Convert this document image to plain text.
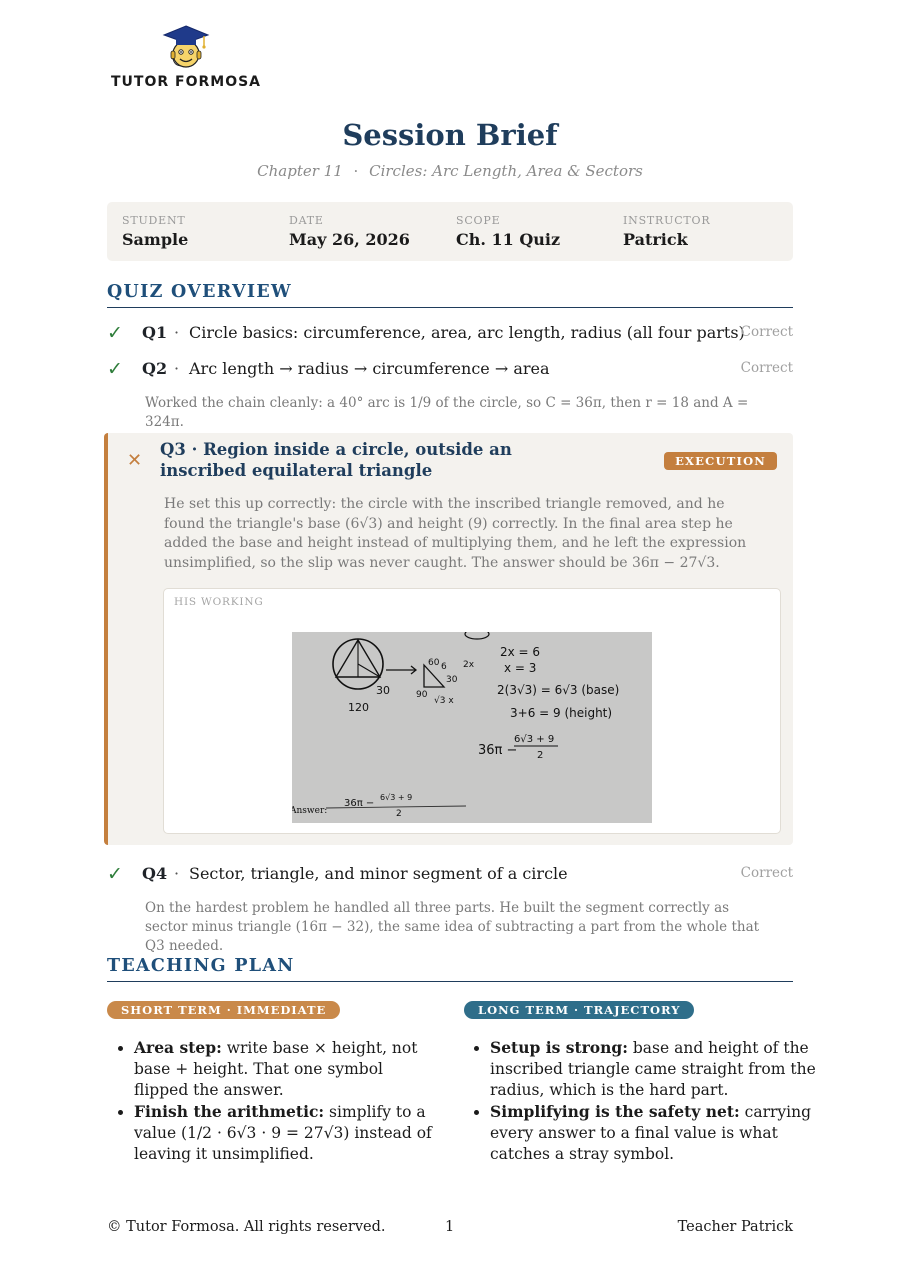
TUTOR FORMOSA
Session Brief
Chapter 11 · Circles: Arc Length, Area & Sectors
STUDENT
Sample
DATE
May 26, 2026
SCOPE
Ch. 11 Quiz
INSTRUCTOR
Patrick
QUIZ OVERVIEW
✓ Q1 · Circle basics: circumference, area, arc length, radius (all four parts)
Correct
✓ Q2 · Arc length → radius → circumference → area	Correct
Worked the chain cleanly: a 40° arc is 1/9 of the circle, so C = 36π, then r = 18 and A = 324π.
✕
Q3 · Region inside a circle, outside an inscribed equilateral triangle	EXECUTION
He set this up correctly: the circle with the inscribed triangle removed, and he found the triangle's base (6√3) and height (9) correctly. In the final area step he added the base and height instead of multiplying them, and he left the expression unsimplified, so the slip was never caught. The answer should be 36π − 27√3.
HIS WORKING
30
120
60 6 2x
30
90
√3 x
2x = 6
x = 3
2(3√3) = 6√3 (base)
3+6 = 9 (height)
36π −
6√3 + 9
2
Answer:
36π −
6√3 + 9
2
✓ Q4 · Sector, triangle, and minor segment of a circle	Correct
On the hardest problem he handled all three parts. He built the segment correctly as sector minus triangle (16π − 32), the same idea of subtracting a part from the whole that Q3 needed.
TEACHING PLAN
SHORT TERM · IMMEDIATE	LONG TERM · TRAJECTORY
• Area step: write base × height, not base + height. That one symbol flipped the answer.
• Finish the arithmetic: simplify to a value (1/2 · 6√3 · 9 = 27√3) instead of leaving it unsimplified.
• Setup is strong: base and height of the inscribed triangle came straight from the radius, which is the hard part.
• Simplifying is the safety net: carrying every answer to a final value is what catches a stray symbol.
© Tutor Formosa. All rights reserved.	1	Teacher Patrick
